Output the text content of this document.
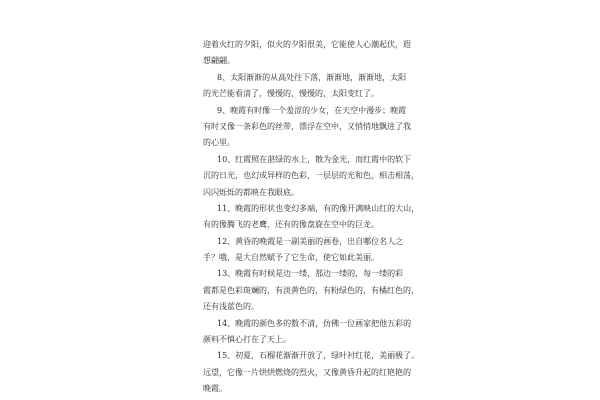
迎着火红的夕阳，似火的夕阳很美，它能使人心潮起伏，遐
想翩翩。
8、太阳渐渐的从高处往下落，渐渐地，渐渐地，太阳
的光芒能看清了，慢慢的，慢慢的，太阳变红了。
9、晚霞有时像一个羞涩的少女，在天空中漫步；晚霞
有时又像一条彩色的丝带，漂浮在空中，又悄悄地飘进了我
的心里。
10、红霞照在湛绿的水上，散为金光，而红霞中的软下
沉的日光，也幻成异样的色彩，一层层的光和色，相击相荡，
闪闪烁烁的都映在我眼底。
11、晚霞的形状也变幻多端，有的像开满映山红的大山，
有的像腾飞的老鹰，还有的像盘旋在空中的巨龙。
12、黄昏的晚霞是一副美丽的画卷，出自哪位名人之
手？哦，是大自然赋予了它生命，使它如此美丽。
13、晚霞有时候是边一缕，那边一缕的，每一缕的彩
霞都是色彩斑斓的，有淡黄色的，有粉绿色的，有橘红色的，
还有浅蓝色的。
14、晚霞的颜色多的数不清，仿佛一位画家把他五彩的
颜料不慎心打在了天上。
15、初夏，石榴花渐渐开放了，绿叶衬红花，美丽极了。
远望，它像一片烘烘燃烧的烈火，又像黄昏升起的红艳艳的
晚霞。
